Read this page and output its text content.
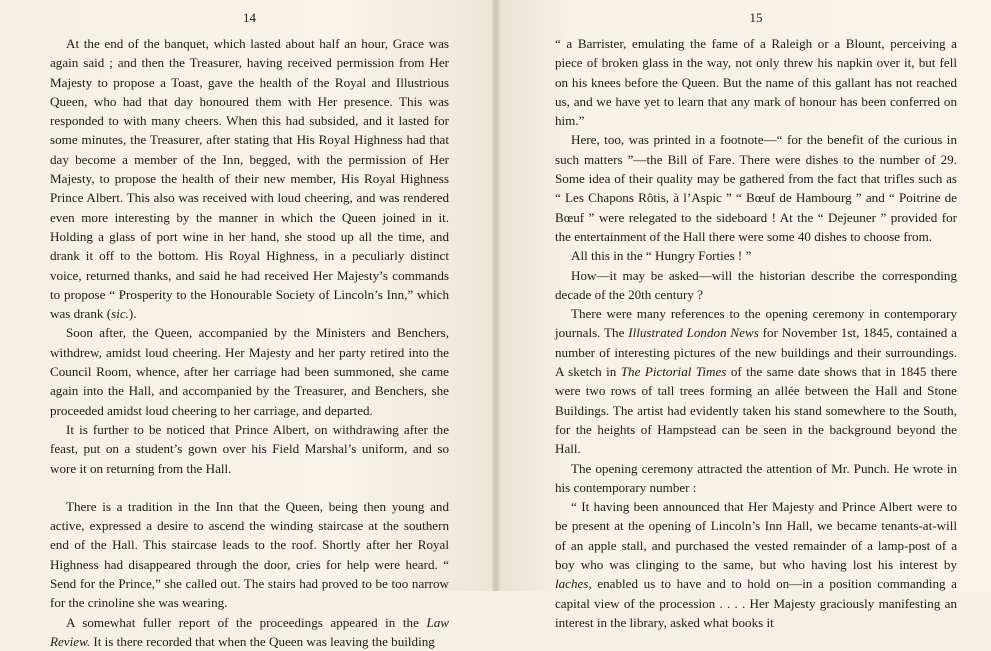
14

At the end of the banquet, which lasted about half an hour, Grace was again said ; and then the Treasurer, having received permission from Her Majesty to propose a Toast, gave the health of the Royal and Illustrious Queen, who had that day honoured them with Her presence. This was responded to with many cheers. When this had subsided, and it lasted for some minutes, the Treasurer, after stating that His Royal Highness had that day become a member of the Inn, begged, with the permission of Her Majesty, to propose the health of their new member, His Royal Highness Prince Albert. This also was received with loud cheering, and was rendered even more interesting by the manner in which the Queen joined in it. Holding a glass of port wine in her hand, she stood up all the time, and drank it off to the bottom. His Royal Highness, in a peculiarly distinct voice, returned thanks, and said he had received Her Majesty’s commands to propose “ Prosperity to the Honourable Society of Lincoln’s Inn,” which was drank (sic.).

Soon after, the Queen, accompanied by the Ministers and Benchers, withdrew, amidst loud cheering. Her Majesty and her party retired into the Council Room, whence, after her carriage had been summoned, she came again into the Hall, and accompanied by the Treasurer, and Benchers, she proceeded amidst loud cheering to her carriage, and departed.

It is further to be noticed that Prince Albert, on withdrawing after the feast, put on a student’s gown over his Field Marshal’s uniform, and so wore it on returning from the Hall.

There is a tradition in the Inn that the Queen, being then young and active, expressed a desire to ascend the winding staircase at the southern end of the Hall. This staircase leads to the roof. Shortly after her Royal Highness had disappeared through the door, cries for help were heard. “ Send for the Prince,” she called out. The stairs had proved to be too narrow for the crinoline she was wearing.

A somewhat fuller report of the proceedings appeared in the Law Review. It is there recorded that when the Queen was leaving the building

15

“ a Barrister, emulating the fame of a Raleigh or a Blount, perceiving a piece of broken glass in the way, not only threw his napkin over it, but fell on his knees before the Queen. But the name of this gallant has not reached us, and we have yet to learn that any mark of honour has been conferred on him.”

Here, too, was printed in a footnote—“ for the benefit of the curious in such matters ”—the Bill of Fare. There were dishes to the number of 29. Some idea of their quality may be gathered from the fact that trifles such as “ Les Chapons Rôtis, à l’Aspic ” “ Bœuf de Hambourg ” and “ Poitrine de Bœuf ” were relegated to the sideboard ! At the “ Dejeuner ” provided for the entertainment of the Hall there were some 40 dishes to choose from.

All this in the “ Hungry Forties ! ”

How—it may be asked—will the historian describe the corresponding decade of the 20th century ?

There were many references to the opening ceremony in contemporary journals. The Illustrated London News for November 1st, 1845, contained a number of interesting pictures of the new buildings and their surroundings. A sketch in The Pictorial Times of the same date shows that in 1845 there were two rows of tall trees forming an allée between the Hall and Stone Buildings. The artist had evidently taken his stand somewhere to the South, for the heights of Hampstead can be seen in the background beyond the Hall.

The opening ceremony attracted the attention of Mr. Punch. He wrote in his contemporary number :

“ It having been announced that Her Majesty and Prince Albert were to be present at the opening of Lincoln’s Inn Hall, we became tenants-at-will of an apple stall, and purchased the vested remainder of a lamp-post of a boy who was clinging to the same, but who having lost his interest by laches, enabled us to have and to hold on—in a position commanding a capital view of the procession . . . . Her Majesty graciously manifesting an interest in the library, asked what books it
